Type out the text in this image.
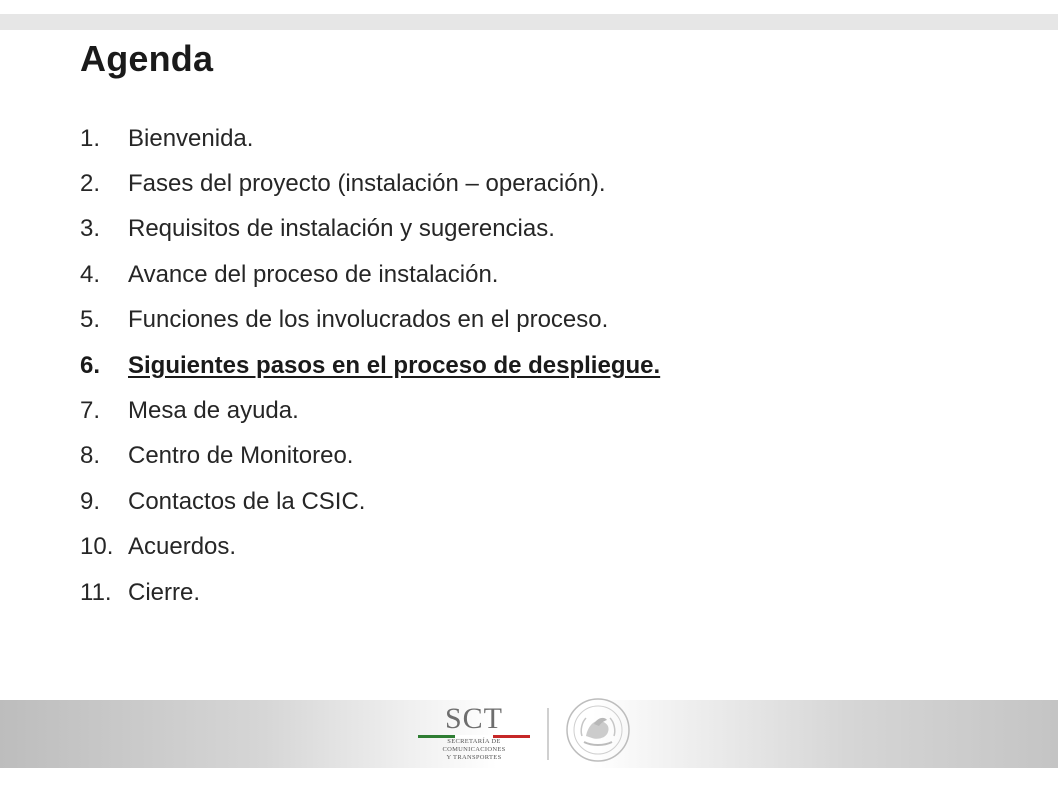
Agenda
1.	Bienvenida.
2.	Fases del proyecto (instalación – operación).
3.	Requisitos de instalación y sugerencias.
4.	Avance del proceso de instalación.
5.	Funciones de los involucrados en el proceso.
6.	Siguientes pasos en el proceso de despliegue.
7.	Mesa de ayuda.
8.	Centro de Monitoreo.
9.	Contactos de la CSIC.
10. Acuerdos.
11. Cierre.
SCT
SECRETARÍA DE
COMUNICACIONES
Y TRANSPORTES
